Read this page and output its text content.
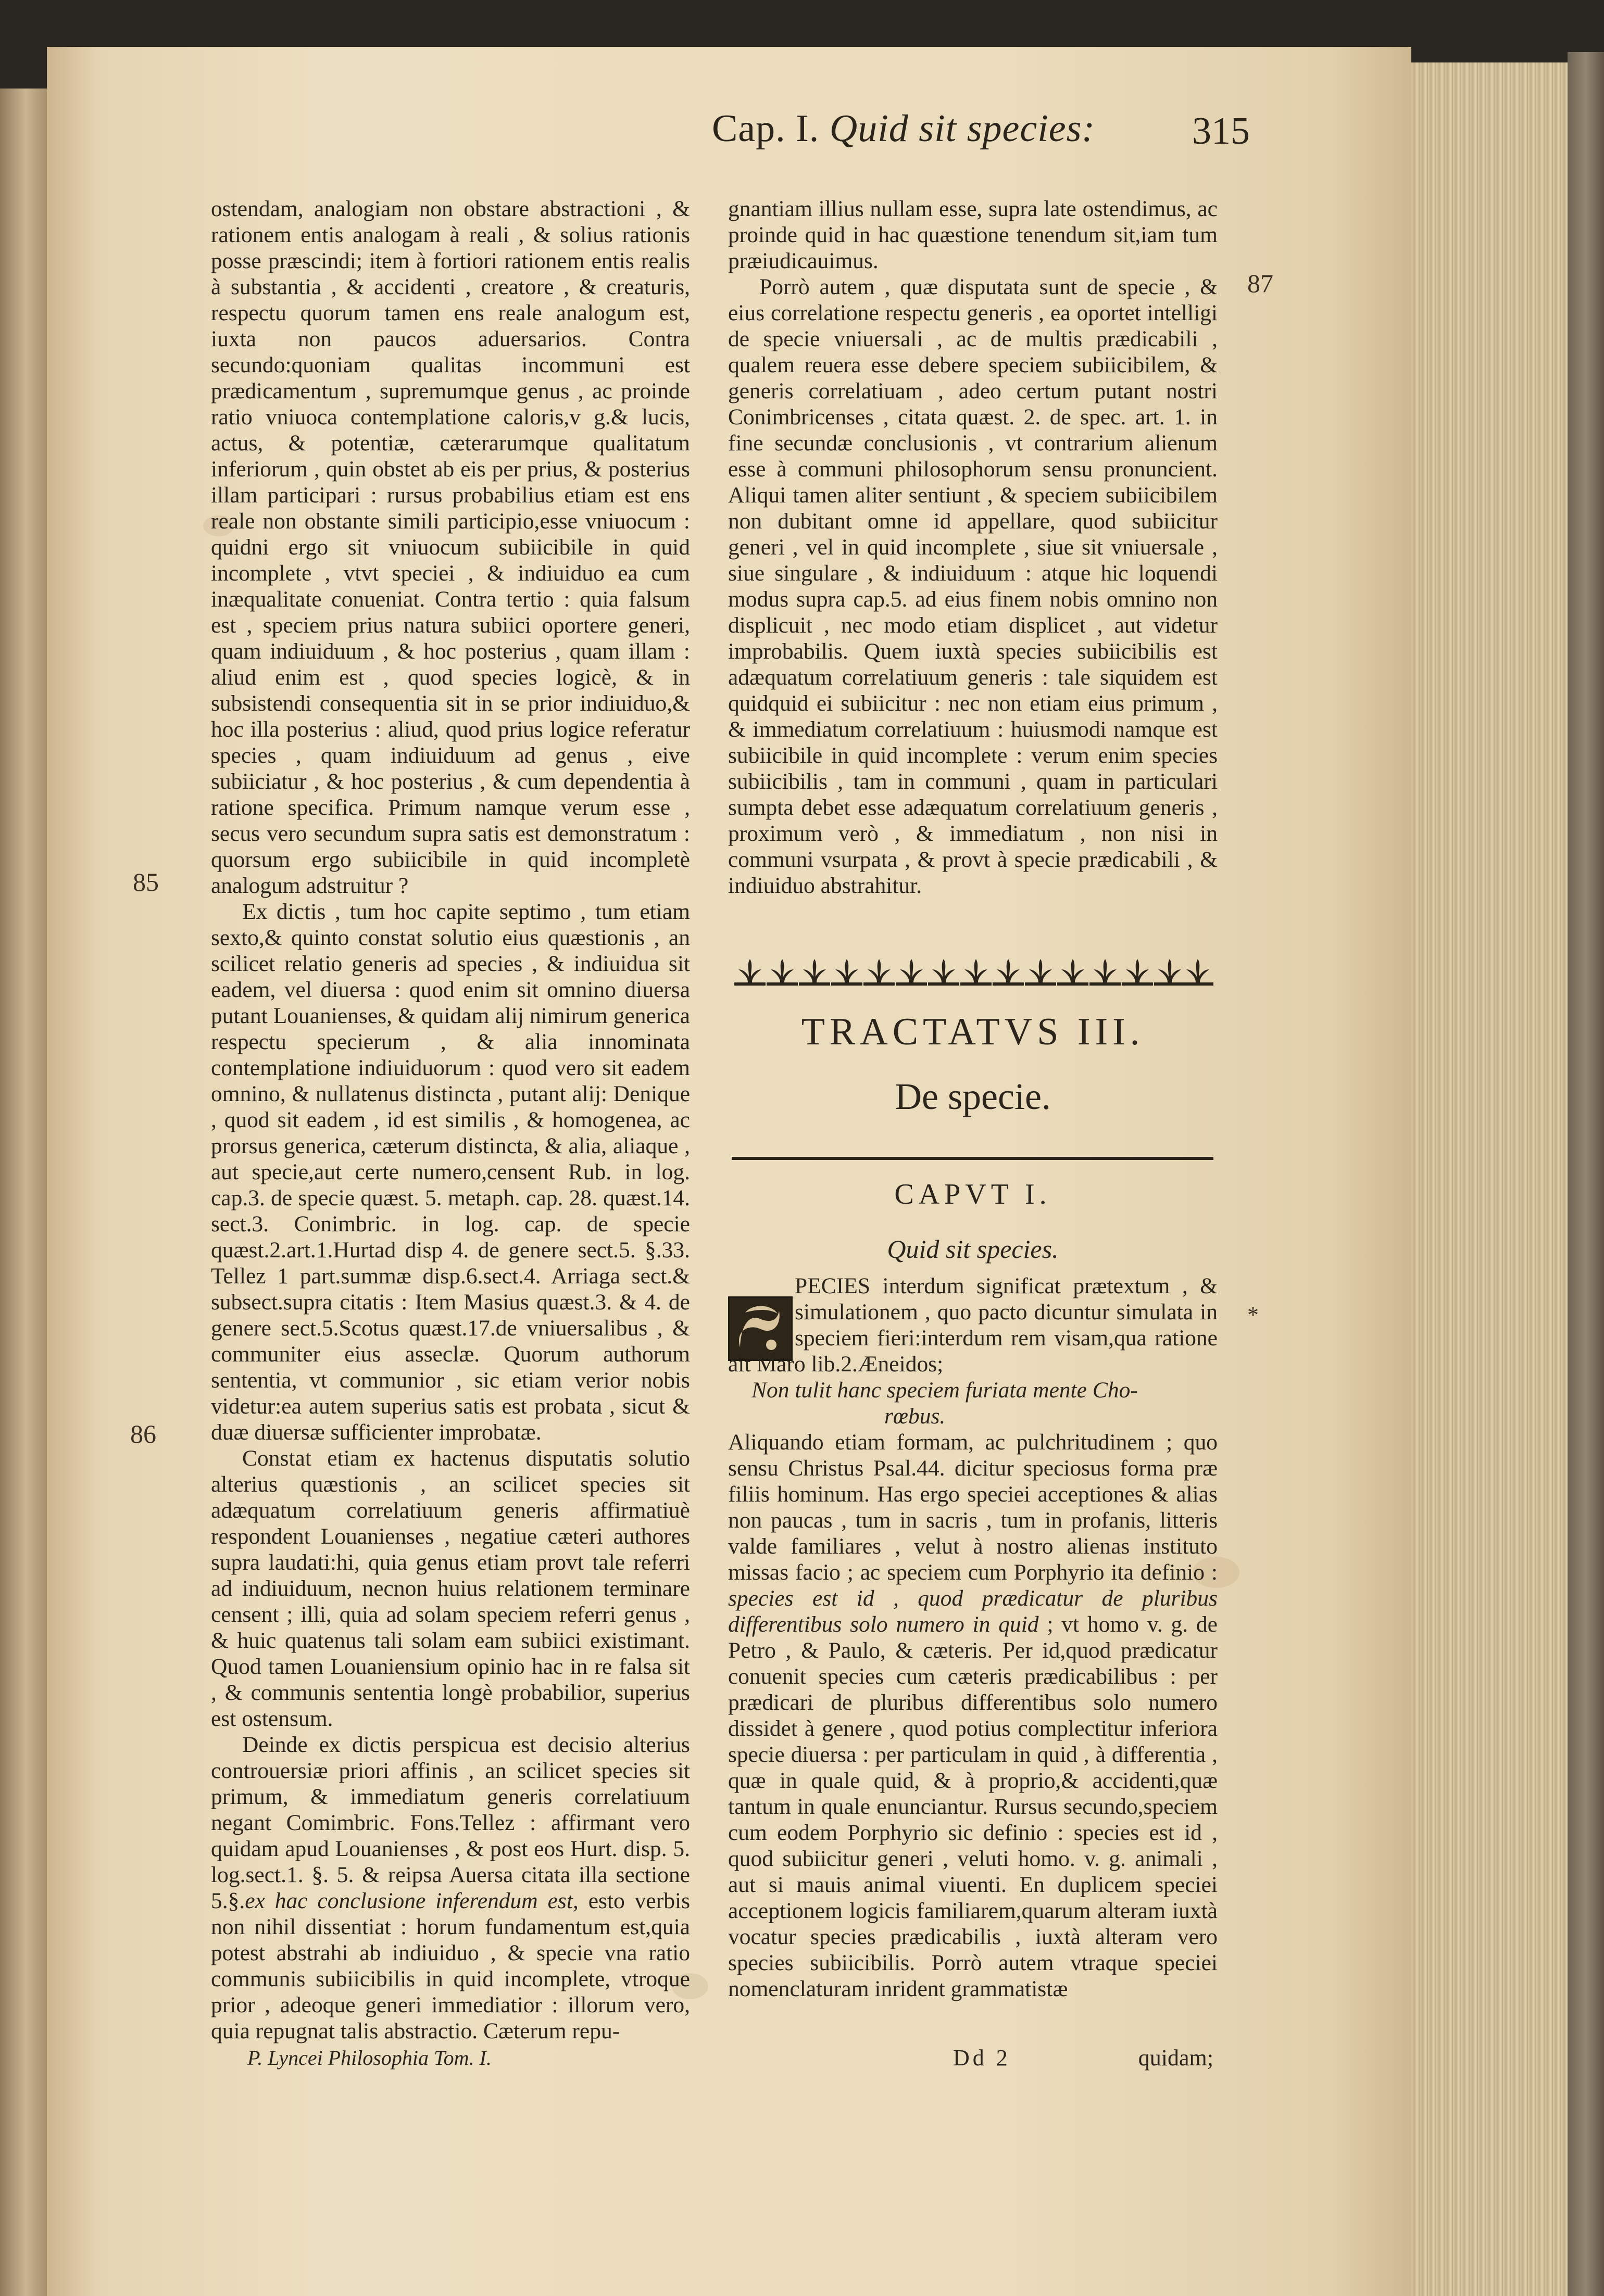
Cap. I. Quid sit species:	315
87
85
86
*

ostendam, analogiam non obstare abstractioni , & rationem entis analogam à reali , & solius rationis posse præscindi; item à fortiori rationem entis realis à substantia , & accidenti , creatore , & creaturis, respectu quorum tamen ens reale analogum est, iuxta non paucos aduersarios. Contra secundo:quoniam qualitas incommuni est prædicamentum , supremumque genus , ac proinde ratio vniuoca contemplatione caloris,v g.& lucis, actus, & potentiæ, cæterarumque qualitatum inferiorum , quin obstet ab eis per prius, & posterius illam participari : rursus probabilius etiam est ens reale non obstante simili participio,esse vniuocum : quidni ergo sit vniuocum subiicibile in quid incomplete , vtvt speciei , & indiuiduo ea cum inæqualitate conueniat. Contra tertio : quia falsum est , speciem prius natura subiici oportere generi, quam indiuiduum , & hoc posterius , quam illam : aliud enim est , quod species logicè, & in subsistendi consequentia sit in se prior indiuiduo,& hoc illa posterius : aliud, quod prius logice referatur species , quam indiuiduum ad genus , eive subiiciatur , & hoc posterius , & cum dependentia à ratione specifica. Primum namque verum esse , secus vero secundum supra satis est demonstratum : quorsum ergo subiicibile in quid incompletè analogum adstruitur ?

Ex dictis , tum hoc capite septimo , tum etiam sexto,& quinto constat solutio eius quæstionis , an scilicet relatio generis ad species , & indiuidua sit eadem, vel diuersa : quod enim sit omnino diuersa putant Louanienses, & quidam alij nimirum generica respectu specierum , & alia innominata contemplatione indiuiduorum : quod vero sit eadem omnino, & nullatenus distincta , putant alij: Denique , quod sit eadem , id est similis , & homogenea, ac prorsus generica, cæterum distincta, & alia, aliaque , aut speciе,aut certe numero,censent Rub. in log. cap.3. de specie quæst. 5. metaph. cap. 28. quæst.14. sect.3. Conimbric. in log. cap. de specie quæst.2.art.1.Hurtad disp 4. de genere sect.5. §.33. Tellez 1 part.summæ disp.6.sect.4. Arriaga sect.& subsect.supra citatis : Item Masius quæst.3. & 4. de genere sect.5.Scotus quæst.17.de vniuersalibus , & communiter eius asseclæ. Quorum authorum sententia, vt communior , sic etiam verior nobis videtur:ea autem superius satis est probata , sicut & duæ diuersæ sufficienter improbatæ.

Constat etiam ex hactenus disputatis solutio alterius quæstionis , an scilicet species sit adæquatum correlatiuum generis affirmatiuè respondent Louanienses , negatiue cæteri authores supra laudati:hi, quia genus etiam provt tale referri ad indiuiduum, necnon huius relationem terminare censent ; illi, quia ad solam speciem referri genus , & huic quatenus tali solam eam subiici existimant. Quod tamen Louaniensium opinio hac in re falsa sit , & communis sententia longè probabilior, superius est ostensum.

Deinde ex dictis perspicua est decisio alterius controuersiæ priori affinis , an scilicet species sit primum, & immediatum generis correlatiuum negant Comimbric. Fons.Tellez : affirmant vero quidam apud Louanienses , & post eos Hurt. disp. 5. log.sect.1. §. 5. & reipsa Auersa citata illa sectione 5.§.ex hac conclusione inferendum est, esto verbis non nihil dissentiat : horum fundamentum est,quia potest abstrahi ab indiuiduo , & specie vna ratio communis subiicibilis in quid incomplete, vtroque prior , adeoque generi immediatior : illorum vero, quia repugnat talis abstractio. Cæterum repu-

P. Lyncei Philosophia Tom. I.

gnantiam illius nullam esse, supra late ostendimus, ac proinde quid in hac quæstione tenendum sit,iam tum præiudicauimus.

Porrò autem , quæ disputata sunt de specie , & eius correlatione respectu generis , ea oportet intelligi de specie vniuersali , ac de multis prædicabili , qualem reuera esse debere speciem subiicibilem, & generis correlatiuam , adeo certum putant nostri Conimbricenses , citata quæst. 2. de spec. art. 1. in fine secundæ conclusionis , vt contrarium alienum esse à communi philosophorum sensu pronuncient. Aliqui tamen aliter sentiunt , & speciem subiicibilem non dubitant omne id appellare, quod subiicitur generi , vel in quid incomplete , siue sit vniuersale , siue singulare , & indiuiduum : atque hic loquendi modus supra cap.5. ad eius finem nobis omnino non displicuit , nec modo etiam displicet , aut videtur improbabilis. Quem iuxtà species subiicibilis est adæquatum correlatiuum generis : tale siquidem est quidquid ei subiicitur : nec non etiam eius primum , & immediatum correlatiuum : huiusmodi namque est subiicibile in quid incomplete : verum enim species subiicibilis , tam in communi , quam in particulari sumpta debet esse adæquatum correlatiuum generis , proximum verò , & immediatum , non nisi in communi vsurpata , & provt à specie prædicabili , & indiuiduo abstrahitur.

TRACTATVS III.
De specie.
CAPVT I.
Quid sit species.

PECIES interdum significat prætextum , & simulationem , quo pacto dicuntur simulata in speciem fieri:interdum rem visam,qua ratione ait Maro lib.2.Æneidos;

Non tulit hanc speciem furiata mente Cho-

rœbus.

Aliquando etiam formam, ac pulchritudinem ; quo sensu Christus Psal.44. dicitur speciosus forma præ filiis hominum. Has ergo speciei acceptiones & alias non paucas , tum in sacris , tum in profanis, litteris valde familiares , velut à nostro alienas instituto missas facio ; ac speciem cum Porphyrio ita definio : species est id , quod prædicatur de pluribus differentibus solo numero in quid ; vt homo v. g. de Petro , & Paulo, & cæteris. Per id,quod prædicatur conuenit species cum cæteris prædicabilibus : per prædicari de pluribus differentibus solo numero dissidet à genere , quod potius complectitur inferiora specie diuersa : per particulam in quid , à differentia , quæ in quale quid, & à proprio,& accidenti,quæ tantum in quale enunciantur. Rursus secundo,speciem cum eodem Porphyrio sic definio : species est id , quod subiicitur generi , veluti homo. v. g. animali , aut si mauis animal viuenti. En duplicem speciei acceptionem logicis familiarem,quarum alteram iuxtà vocatur species prædicabilis , iuxtà alteram vero species subiicibilis. Porrò autem vtraque speciei nomenclaturam inrident grammatistæ

Dd 2	quidam;
